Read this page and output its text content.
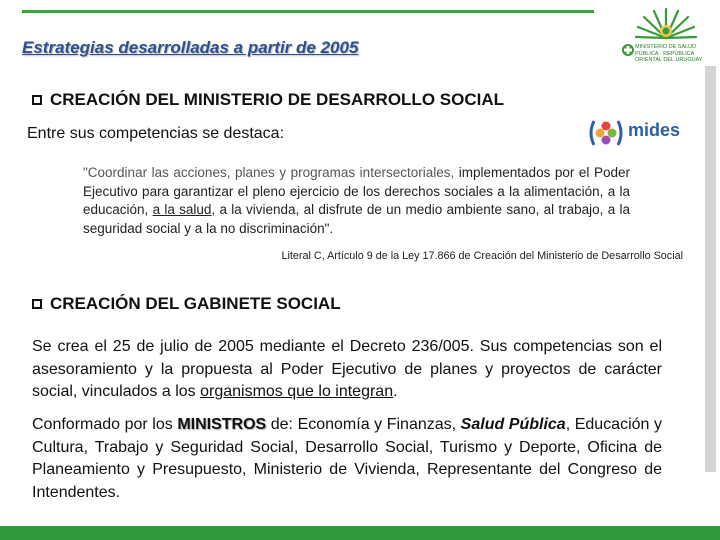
Estrategias desarrolladas a partir de 2005	MINISTERIO DE SALUD PÚBLICA · REPÚBLICA ORIENTAL DEL URUGUAY
CREACIÓN DEL MINISTERIO DE DESARROLLO SOCIAL

Entre sus competencias se destaca:	mides

"Coordinar las acciones, planes y programas intersectoriales, implementados por el Poder Ejecutivo para garantizar el pleno ejercicio de los derechos sociales a la alimentación, a la educación, a la salud, a la vivienda, al disfrute de un medio ambiente sano, al trabajo, a la seguridad social y a la no discriminación".

Literal C, Artículo 9 de la Ley 17.866 de Creación del Ministerio de Desarrollo Social

CREACIÓN DEL GABINETE SOCIAL

Se crea el 25 de julio de 2005 mediante el Decreto 236/005. Sus competencias son el asesoramiento y la propuesta al Poder Ejecutivo de planes y proyectos de carácter social, vinculados a los organismos que lo integran.

Conformado por los MINISTROS de: Economía y Finanzas, Salud Pública, Educación y Cultura, Trabajo y Seguridad Social, Desarrollo Social, Turismo y Deporte, Oficina de Planeamiento y Presupuesto, Ministerio de Vivienda, Representante del Congreso de Intendentes.
